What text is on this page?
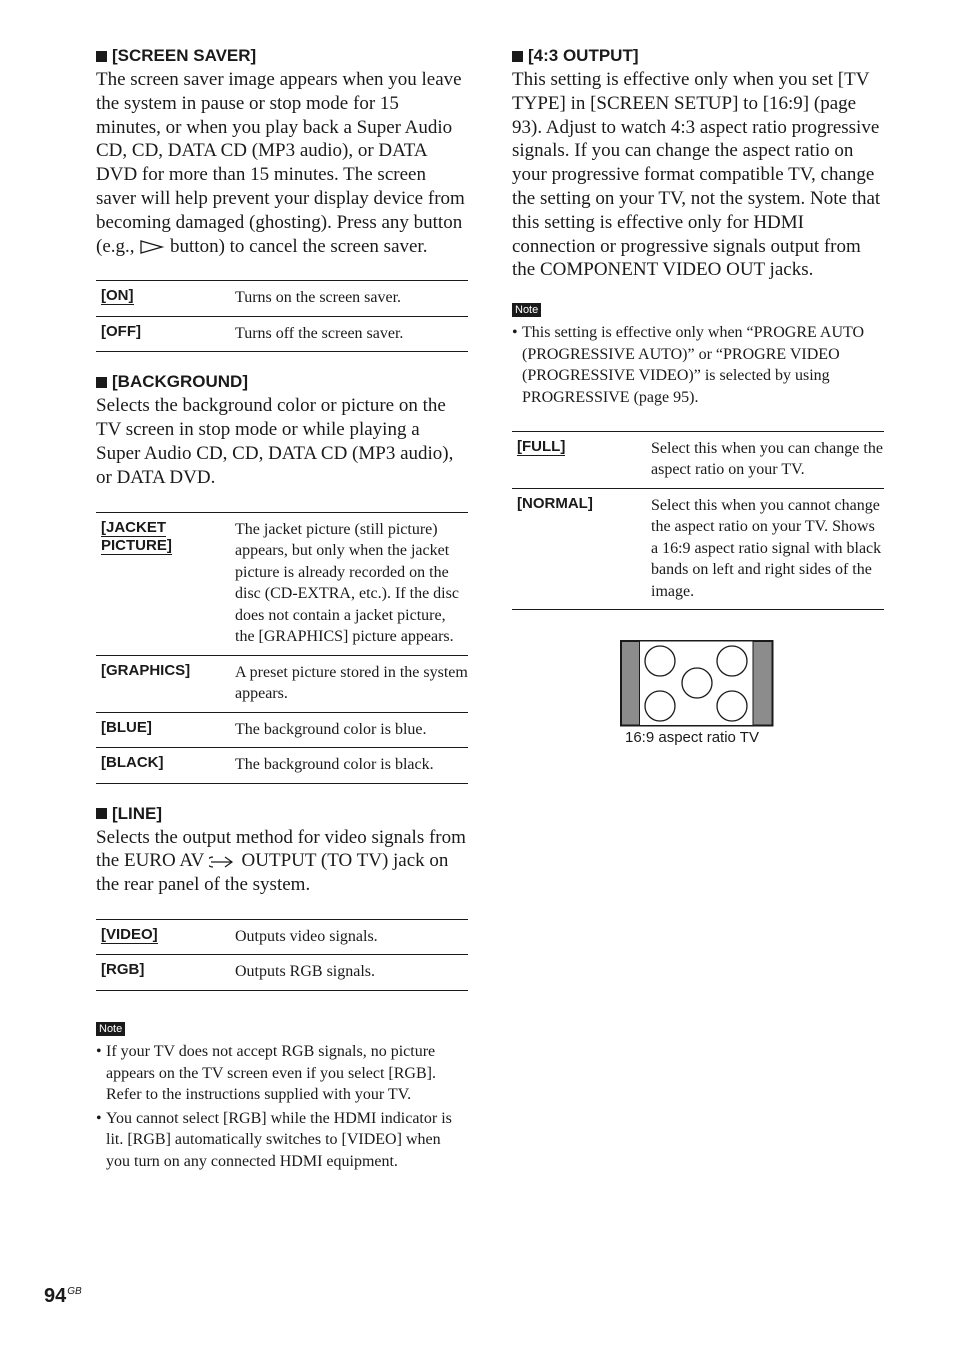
[SCREEN SAVER]

The screen saver image appears when you leave the system in pause or stop mode for 15 minutes, or when you play back a Super Audio CD, CD, DATA CD (MP3 audio), or DATA DVD for more than 15 minutes. The screen saver will help prevent your display device from becoming damaged (ghosting). Press any button (e.g., button) to cancel the screen saver.

[ON]	Turns on the screen saver.
[OFF]	Turns off the screen saver.
[BACKGROUND]

Selects the background color or picture on the TV screen in stop mode or while playing a Super Audio CD, CD, DATA CD (MP3 audio), or DATA DVD.

[JACKET
PICTURE]	The jacket picture (still picture) appears, but only when the jacket picture is already recorded on the disc (CD-EXTRA, etc.). If the disc does not contain a jacket picture, the [GRAPHICS] picture appears.
[GRAPHICS]	A preset picture stored in the system appears.
[BLUE]	The background color is blue.
[BLACK]	The background color is black.
[LINE]

Selects the output method for video signals from the EURO AV OUTPUT (TO TV) jack on the rear panel of the system.

[VIDEO]	Outputs video signals.
[RGB]	Outputs RGB signals.
Note
• If your TV does not accept RGB signals, no picture appears on the TV screen even if you select [RGB]. Refer to the instructions supplied with your TV.
• You cannot select [RGB] while the HDMI indicator is lit. [RGB] automatically switches to [VIDEO] when you turn on any connected HDMI equipment.
[4:3 OUTPUT]

This setting is effective only when you set [TV TYPE] in [SCREEN SETUP] to [16:9] (page 93). Adjust to watch 4:3 aspect ratio progressive signals. If you can change the aspect ratio on your progressive format compatible TV, change the setting on your TV, not the system. Note that this setting is effective only for HDMI connection or progressive signals output from the COMPONENT VIDEO OUT jacks.

Note
• This setting is effective only when “PROGRE AUTO (PROGRESSIVE AUTO)” or “PROGRE VIDEO (PROGRESSIVE VIDEO)” is selected by using PROGRESSIVE (page 95).
[FULL]	Select this when you can change the aspect ratio on your TV.
[NORMAL]	Select this when you cannot change the aspect ratio on your TV. Shows a 16:9 aspect ratio signal with black bands on left and right sides of the image.
16:9 aspect ratio TV
$94^{GB}$
